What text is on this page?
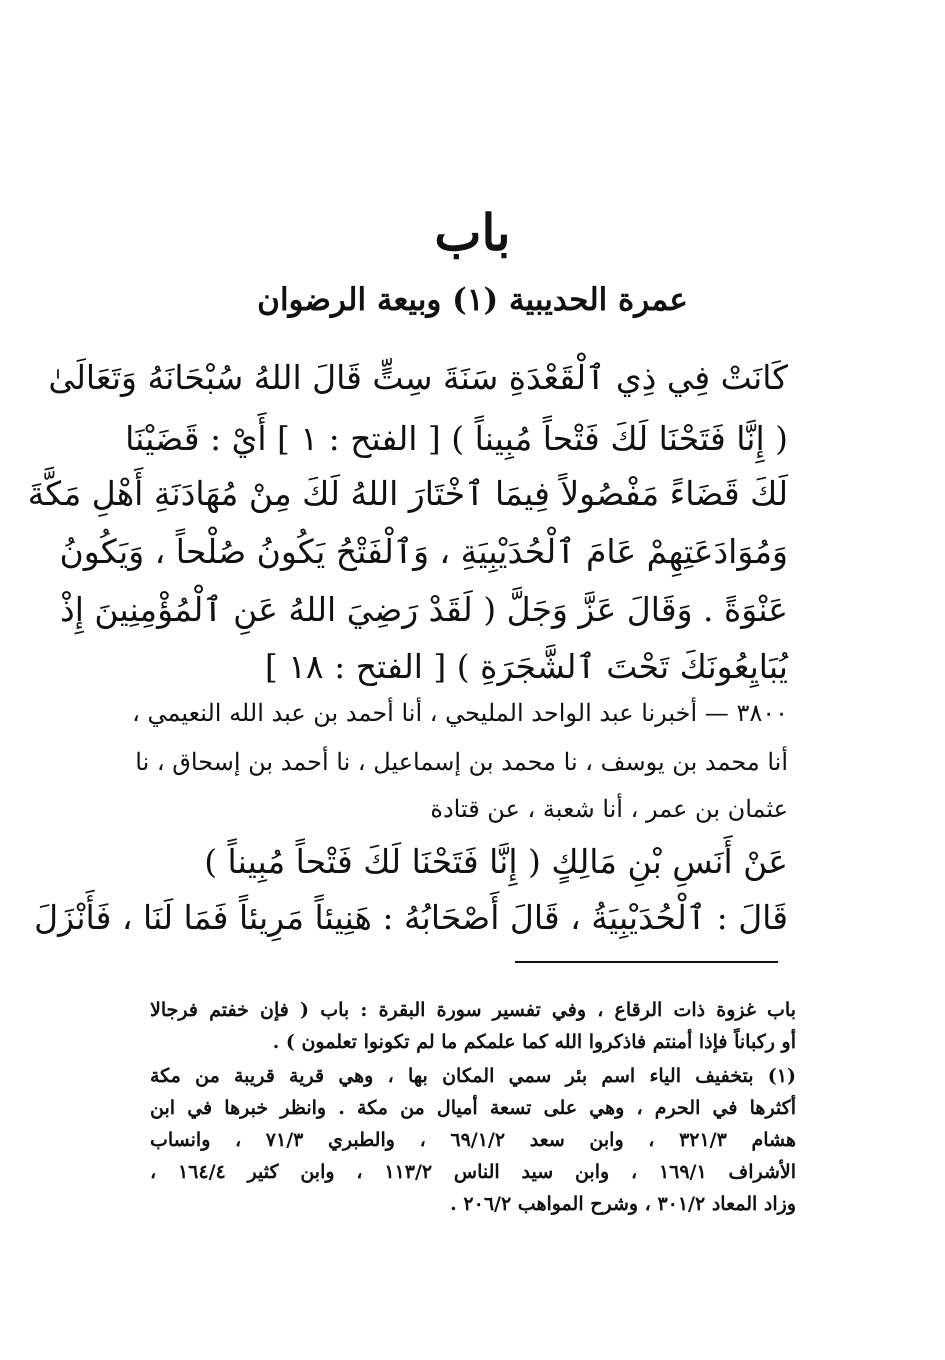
باب
عمرة الحديبية (١) وبيعة الرضوان
كَانَتْ فِي ذِي ٱلْقَعْدَةِ سَنَةَ سِتٍّ قَالَ اللهُ سُبْحَانَهُ وَتَعَالَىٰ
( إِنَّا فَتَحْنَا لَكَ فَتْحاً مُبِيناً ) [ الفتح : ١ ] أَيْ : قَضَيْنَا
لَكَ قَضَاءً مَفْصُولاً فِيمَا ٱخْتَارَ اللهُ لَكَ مِنْ مُهَادَنَةِ أَهْلِ مَكَّةَ
وَمُوَادَعَتِهِمْ عَامَ ٱلْحُدَيْبِيَةِ ، وَٱلْفَتْحُ يَكُونُ صُلْحاً ، وَيَكُونُ
عَنْوَةً . وَقَالَ عَزَّ وَجَلَّ ( لَقَدْ رَضِيَ اللهُ عَنِ ٱلْمُؤْمِنِينَ إِذْ
يُبَايِعُونَكَ تَحْتَ ٱلشَّجَرَةِ ) [ الفتح : ١٨ ]
٣٨٠٠ — أخبرنا عبد الواحد المليحي ، أنا أحمد بن عبد الله النعيمي ،
أنا محمد بن يوسف ، نا محمد بن إسماعيل ، نا أحمد بن إسحاق ، نا
عثمان بن عمر ، أنا شعبة ، عن قتادة
عَنْ أَنَسِ بْنِ مَالِكٍ ( إِنَّا فَتَحْنَا لَكَ فَتْحاً مُبِيناً )
قَالَ : ٱلْحُدَيْبِيَةُ ، قَالَ أَصْحَابُهُ : هَنِيئاً مَرِيئاً فَمَا لَنَا ، فَأَنْزَلَ
باب غزوة ذات الرقاع ، وفي تفسير سورة البقرة : باب ( فإن خفتم فرجالا
أو ركباناً فإذا أمنتم فاذكروا الله كما علمكم ما لم تكونوا تعلمون ) .
(١) بتخفيف الياء اسم بئر سمي المكان بها ، وهي قرية قريبة من مكة
أكثرها في الحرم ، وهي على تسعة أميال من مكة . وانظر خبرها في ابن
هشام ٣٢١/٣ ، وابن سعد ٦٩/١/٢ ، والطبري ٧١/٣ ، وانساب
الأشراف ١٦٩/١ ، وابن سيد الناس ١١٣/٢ ، وابن كثير ١٦٤/٤ ،
وزاد المعاد ٣٠١/٢ ، وشرح المواهب ٢٠٦/٢ .
